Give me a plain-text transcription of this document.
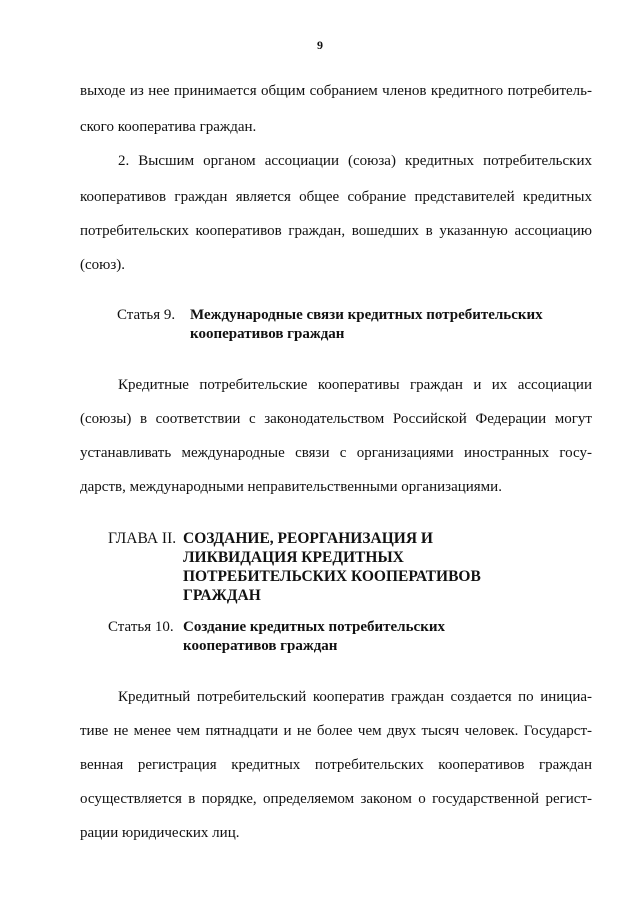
9
выходе из нее принимается общим собранием членов кредитного потребитель-
ского кооператива граждан.
2. Высшим органом ассоциации (союза) кредитных потребительских
кооперативов граждан является общее собрание представителей кредитных
потребительских кооперативов граждан, вошедших в указанную ассоциацию
(союз).
Статья 9. Международные связи кредитных потребительских
кооперативов граждан
Кредитные потребительские кооперативы граждан и их ассоциации
(союзы) в соответствии с законодательством Российской Федерации могут
устанавливать международные связи с организациями иностранных госу-
дарств, международными неправительственными организациями.
ГЛАВА II. СОЗДАНИЕ, РЕОРГАНИЗАЦИЯ И
ЛИКВИДАЦИЯ КРЕДИТНЫХ
ПОТРЕБИТЕЛЬСКИХ КООПЕРАТИВОВ
ГРАЖДАН
Статья 10. Создание кредитных потребительских
кооперативов граждан
Кредитный потребительский кооператив граждан создается по инициа-
тиве не менее чем пятнадцати и не более чем двух тысяч человек. Государст-
венная регистрация кредитных потребительских кооперативов граждан
осуществляется в порядке, определяемом законом о государственной регист-
рации юридических лиц.
